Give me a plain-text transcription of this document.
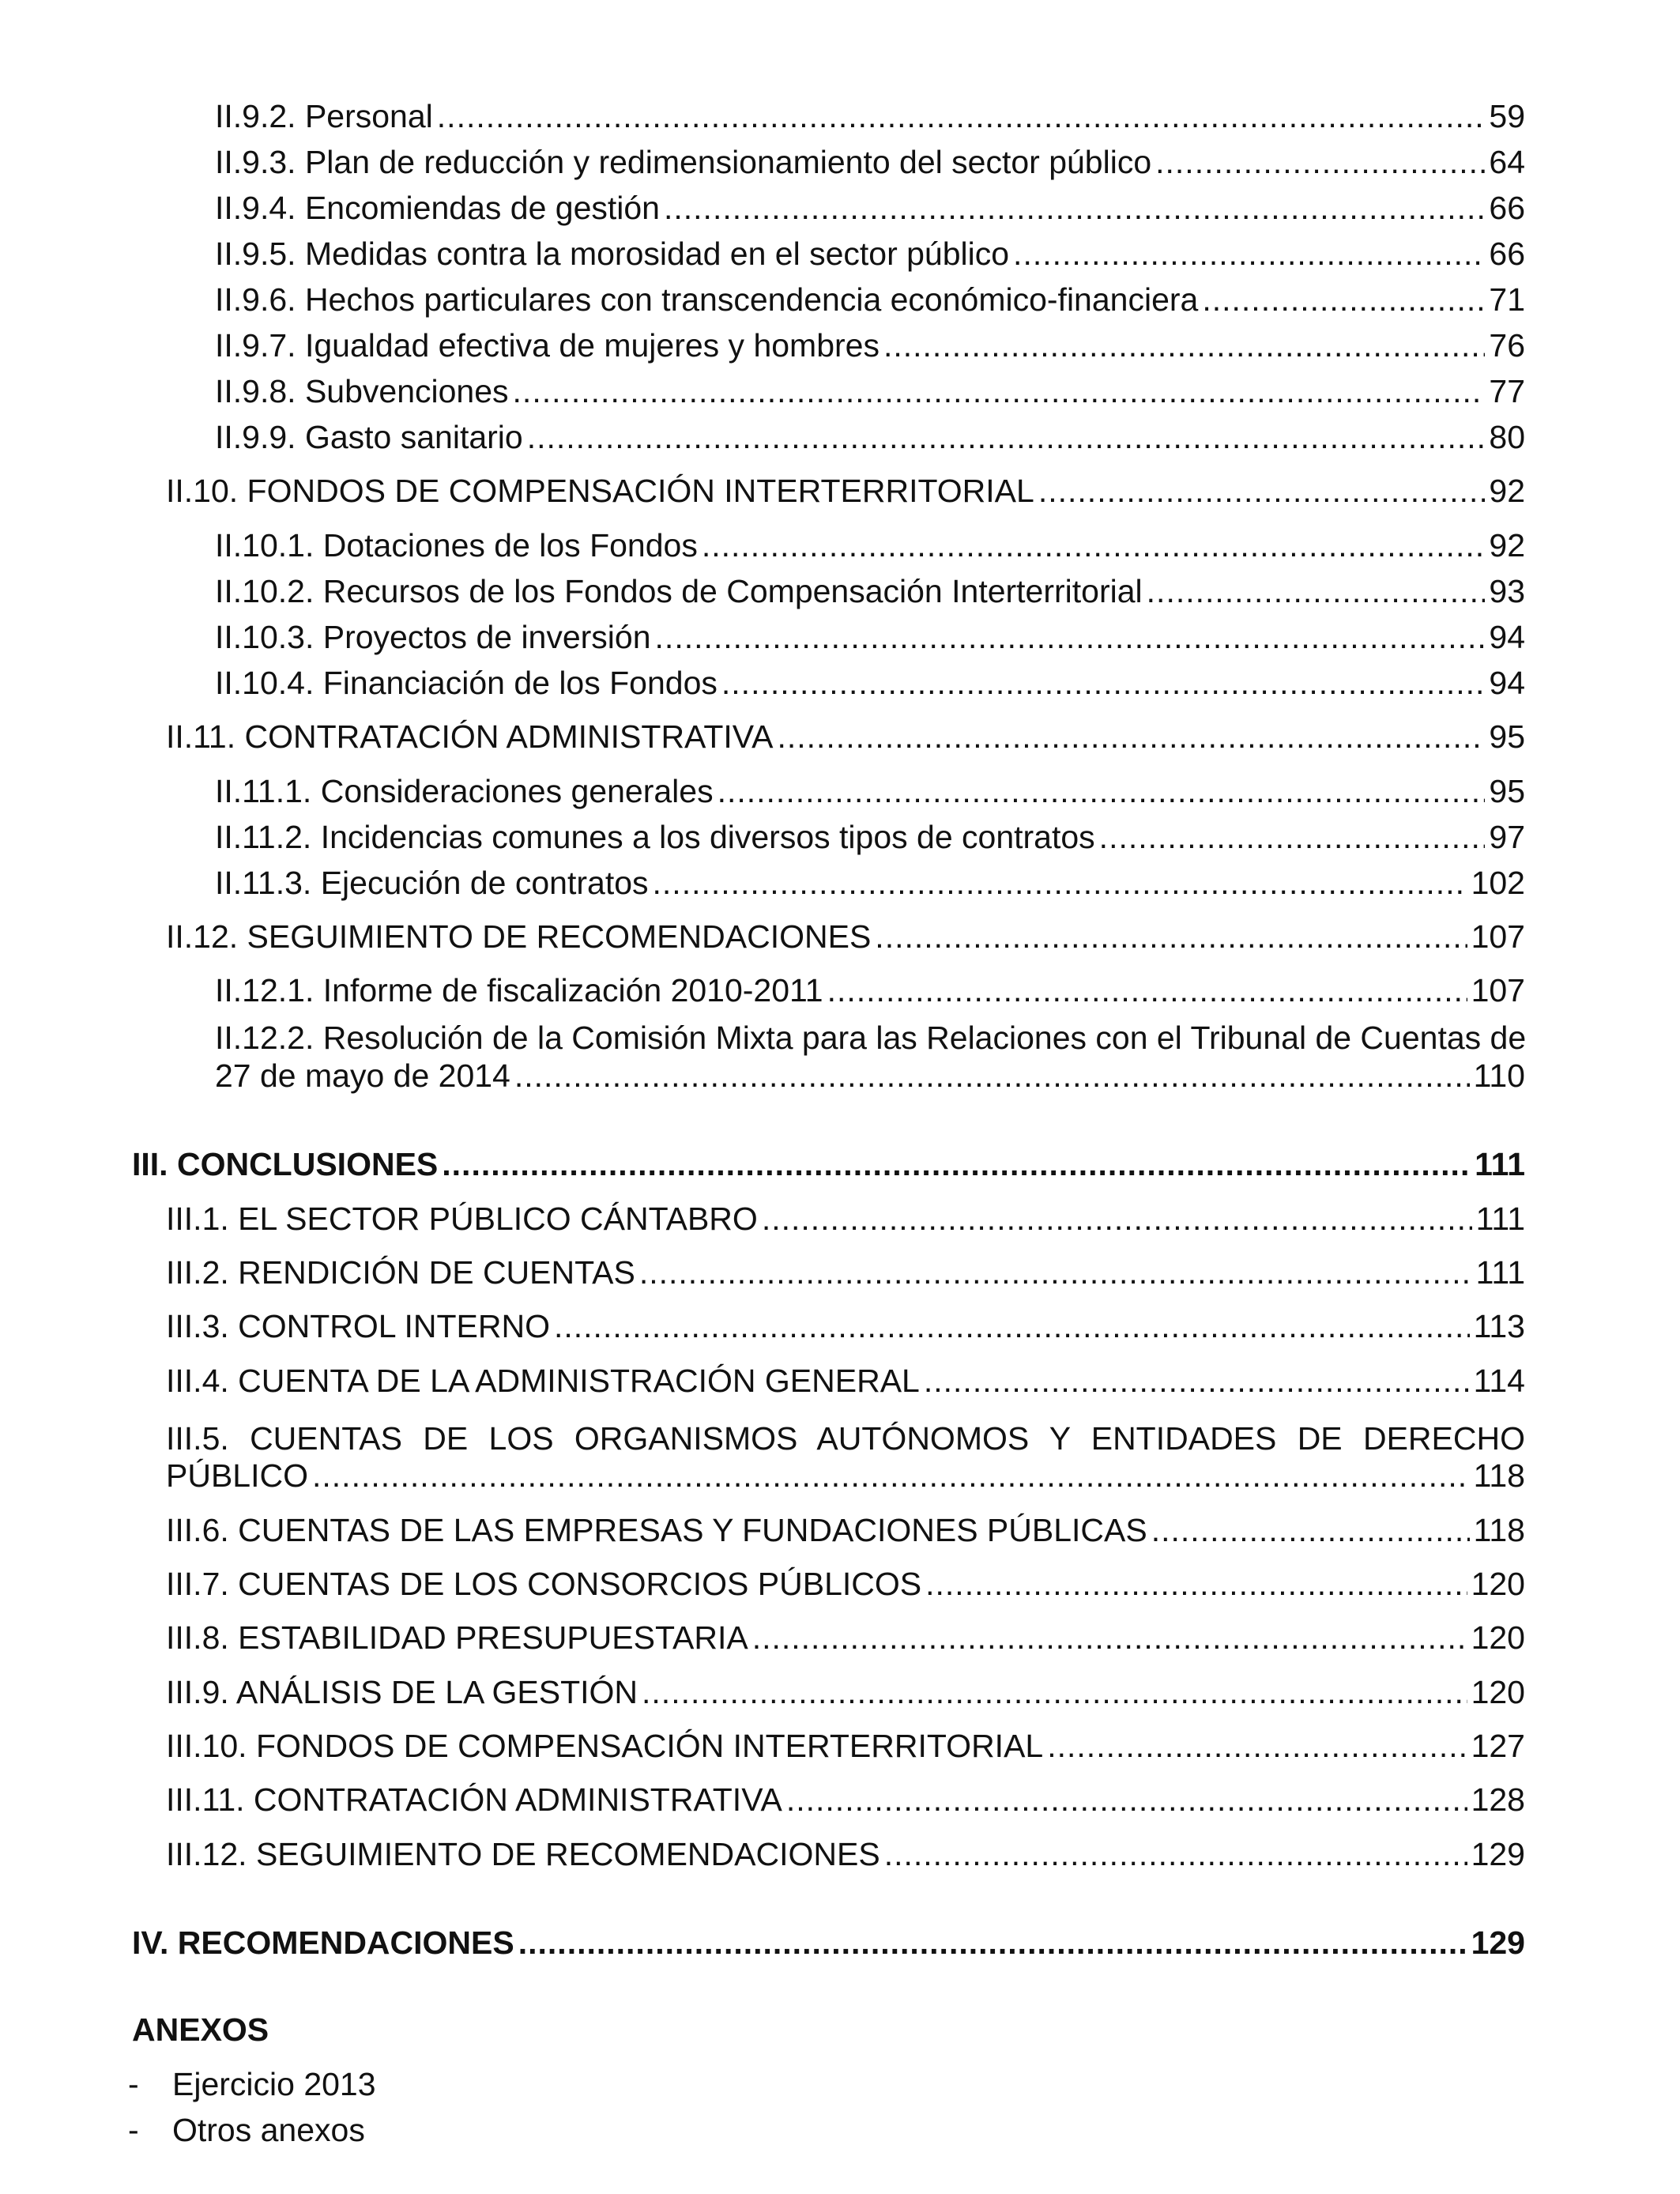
II.9.2. Personal .....	59
II.9.3. Plan de reducción y redimensionamiento del sector público .....	64
II.9.4. Encomiendas de gestión .....	66
II.9.5. Medidas contra la morosidad en el sector público .....	66
II.9.6. Hechos particulares con transcendencia económico-financiera .....	71
II.9.7. Igualdad efectiva de mujeres y hombres .....	76
II.9.8. Subvenciones .....	77
II.9.9. Gasto sanitario .....	80
II.10. FONDOS DE COMPENSACIÓN INTERTERRITORIAL .....	92
II.10.1. Dotaciones de los Fondos .....	92
II.10.2. Recursos de los Fondos de Compensación Interterritorial .....	93
II.10.3. Proyectos de inversión .....	94
II.10.4. Financiación de los Fondos .....	94
II.11. CONTRATACIÓN ADMINISTRATIVA .....	95
II.11.1. Consideraciones generales .....	95
II.11.2. Incidencias comunes a los diversos tipos de contratos .....	97
II.11.3. Ejecución de contratos .....	102
II.12. SEGUIMIENTO DE RECOMENDACIONES .....	107
II.12.1. Informe de fiscalización 2010-2011 .....	107
II.12.2. Resolución de la Comisión Mixta para las Relaciones con el Tribunal de Cuentas de
27 de mayo de 2014 .....	110
III. CONCLUSIONES .....	111
III.1. EL SECTOR PÚBLICO CÁNTABRO .....	111
III.2. RENDICIÓN DE CUENTAS .....	111
III.3. CONTROL INTERNO .....	113
III.4. CUENTA DE LA ADMINISTRACIÓN GENERAL .....	114
III.5. CUENTAS DE LOS ORGANISMOS AUTÓNOMOS Y ENTIDADES DE DERECHO
PÚBLICO .....	118
III.6. CUENTAS DE LAS EMPRESAS Y FUNDACIONES PÚBLICAS .....	118
III.7. CUENTAS DE LOS CONSORCIOS PÚBLICOS .....	120
III.8. ESTABILIDAD PRESUPUESTARIA .....	120
III.9. ANÁLISIS DE LA GESTIÓN .....	120
III.10. FONDOS DE COMPENSACIÓN INTERTERRITORIAL .....	127
III.11. CONTRATACIÓN ADMINISTRATIVA .....	128
III.12. SEGUIMIENTO DE RECOMENDACIONES .....	129
IV. RECOMENDACIONES .....	129
ANEXOS
- Ejercicio 2013
- Otros anexos
